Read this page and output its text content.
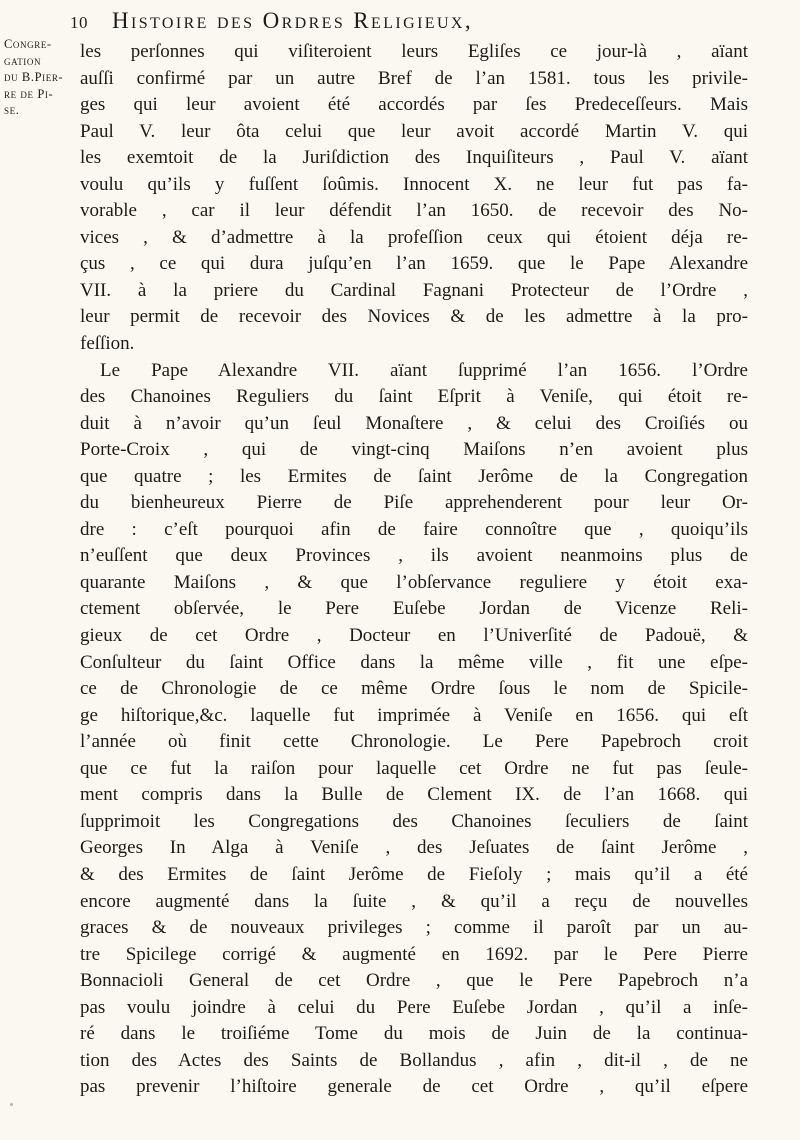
10 Histoire des Ordres Religieux,
Congre-
gation
du B.Pier-
re de Pi-
se.
les perſonnes qui viſiteroient leurs Egliſes ce jour-là , aïant
auſſi confirmé par un autre Bref de l’an 1581. tous les privile-
ges qui leur avoient été accordés par ſes Predeceſſeurs. Mais
Paul V. leur ôta celui que leur avoit accordé Martin V. qui
les exemtoit de la Juriſdiction des Inquiſiteurs , Paul V. aïant
voulu qu’ils y fuſſent ſoûmis. Innocent X. ne leur fut pas fa-
vorable , car il leur défendit l’an 1650. de recevoir des No-
vices , & d’admettre à la profeſſion ceux qui étoient déja re-
çus , ce qui dura juſqu’en l’an 1659. que le Pape Alexandre
VII. à la priere du Cardinal Fagnani Protecteur de l’Ordre ,
leur permit de recevoir des Novices & de les admettre à la pro-
feſſion.
Le Pape Alexandre VII. aïant ſupprimé l’an 1656. l’Ordre
des Chanoines Reguliers du ſaint Eſprit à Veniſe, qui étoit re-
duit à n’avoir qu’un ſeul Monaſtere , & celui des Croiſiés ou
Porte-Croix , qui de vingt-cinq Maiſons n’en avoient plus
que quatre ; les Ermites de ſaint Jerôme de la Congregation
du bienheureux Pierre de Piſe apprehenderent pour leur Or-
dre : c’eſt pourquoi afin de faire connoître que , quoiqu’ils
n’euſſent que deux Provinces , ils avoient neanmoins plus de
quarante Maiſons , & que l’obſervance reguliere y étoit exa-
ctement obſervée, le Pere Euſebe Jordan de Vicenze Reli-
gieux de cet Ordre , Docteur en l’Univerſité de Padouë, &
Conſulteur du ſaint Office dans la même ville , fit une eſpe-
ce de Chronologie de ce même Ordre ſous le nom de Spicile-
ge hiſtorique,&c. laquelle fut imprimée à Veniſe en 1656. qui eſt
l’année où finit cette Chronologie. Le Pere Papebroch croit
que ce fut la raiſon pour laquelle cet Ordre ne fut pas ſeule-
ment compris dans la Bulle de Clement IX. de l’an 1668. qui
ſupprimoit les Congregations des Chanoines ſeculiers de ſaint
Georges In Alga à Veniſe , des Jeſuates de ſaint Jerôme ,
& des Ermites de ſaint Jerôme de Fieſoly ; mais qu’il a été
encore augmenté dans la ſuite , & qu’il a reçu de nouvelles
graces & de nouveaux privileges ; comme il paroît par un au-
tre Spicilege corrigé & augmenté en 1692. par le Pere Pierre
Bonnacioli General de cet Ordre , que le Pere Papebroch n’a
pas voulu joindre à celui du Pere Euſebe Jordan , qu’il a inſe-
ré dans le troiſiéme Tome du mois de Juin de la continua-
tion des Actes des Saints de Bollandus , afin , dit-il , de ne
pas prevenir l’hiſtoire generale de cet Ordre , qu’il eſpere
